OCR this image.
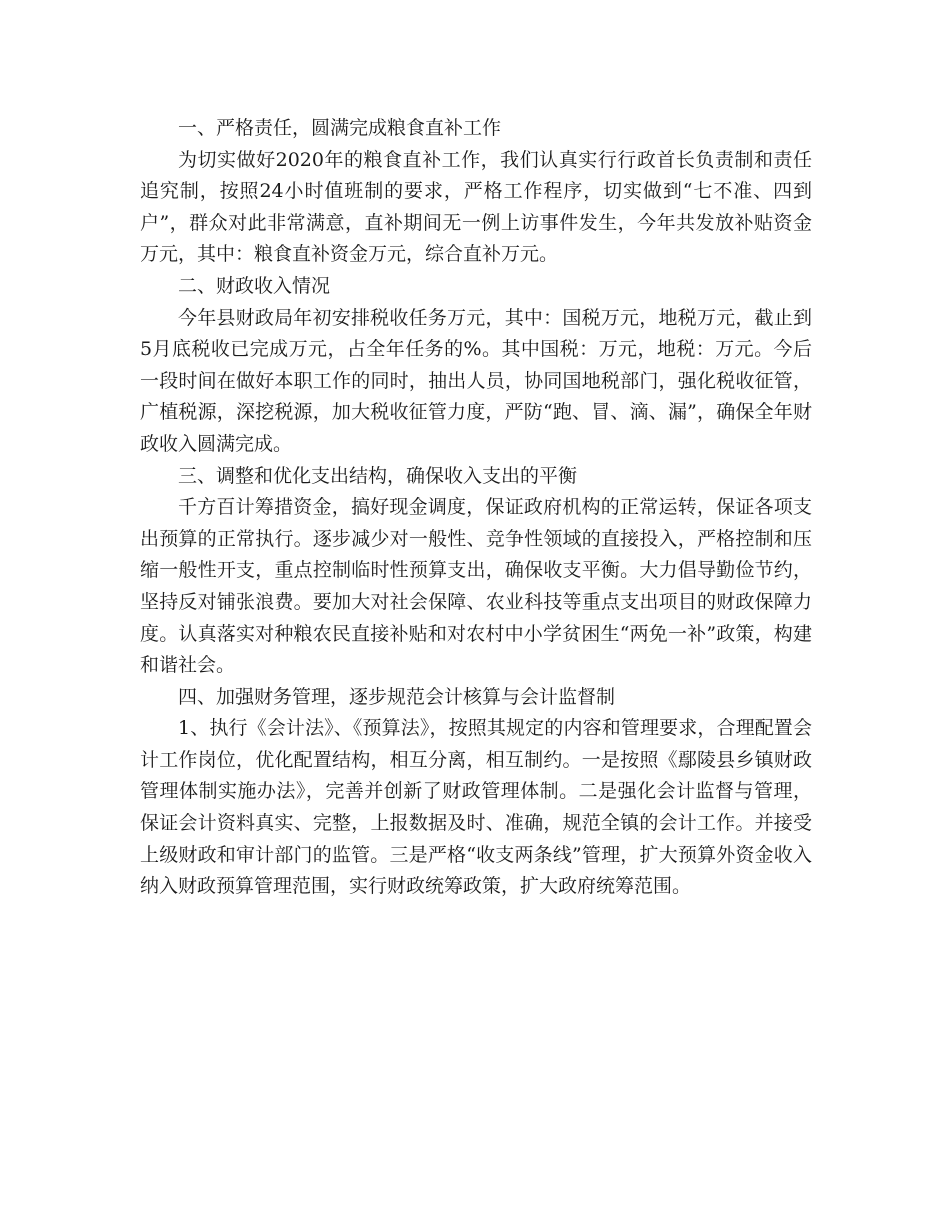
一、严格责任，圆满完成粮食直补工作

为切实做好2020年的粮食直补工作，我们认真实行行政首长负责制和责任追究制，按照24小时值班制的要求，严格工作程序，切实做到“七不准、四到户”，群众对此非常满意，直补期间无一例上访事件发生，今年共发放补贴资金万元，其中：粮食直补资金万元，综合直补万元。

二、财政收入情况

今年县财政局年初安排税收任务万元，其中：国税万元，地税万元，截止到5月底税收已完成万元，占全年任务的%。其中国税：万元，地税：万元。今后一段时间在做好本职工作的同时，抽出人员，协同国地税部门，强化税收征管，广植税源，深挖税源，加大税收征管力度，严防“跑、冒、滴、漏”，确保全年财政收入圆满完成。

三、调整和优化支出结构，确保收入支出的平衡

千方百计筹措资金，搞好现金调度，保证政府机构的正常运转，保证各项支出预算的正常执行。逐步减少对一般性、竞争性领域的直接投入，严格控制和压缩一般性开支，重点控制临时性预算支出，确保收支平衡。大力倡导勤俭节约，坚持反对铺张浪费。要加大对社会保障、农业科技等重点支出项目的财政保障力度。认真落实对种粮农民直接补贴和对农村中小学贫困生“两免一补”政策，构建和谐社会。

四、加强财务管理，逐步规范会计核算与会计监督制

1、执行《会计法》、《预算法》，按照其规定的内容和管理要求，合理配置会计工作岗位，优化配置结构，相互分离，相互制约。一是按照《鄢陵县乡镇财政管理体制实施办法》，完善并创新了财政管理体制。二是强化会计监督与管理，保证会计资料真实、完整，上报数据及时、准确，规范全镇的会计工作。并接受上级财政和审计部门的监管。三是严格“收支两条线”管理，扩大预算外资金收入纳入财政预算管理范围，实行财政统筹政策，扩大政府统筹范围。
